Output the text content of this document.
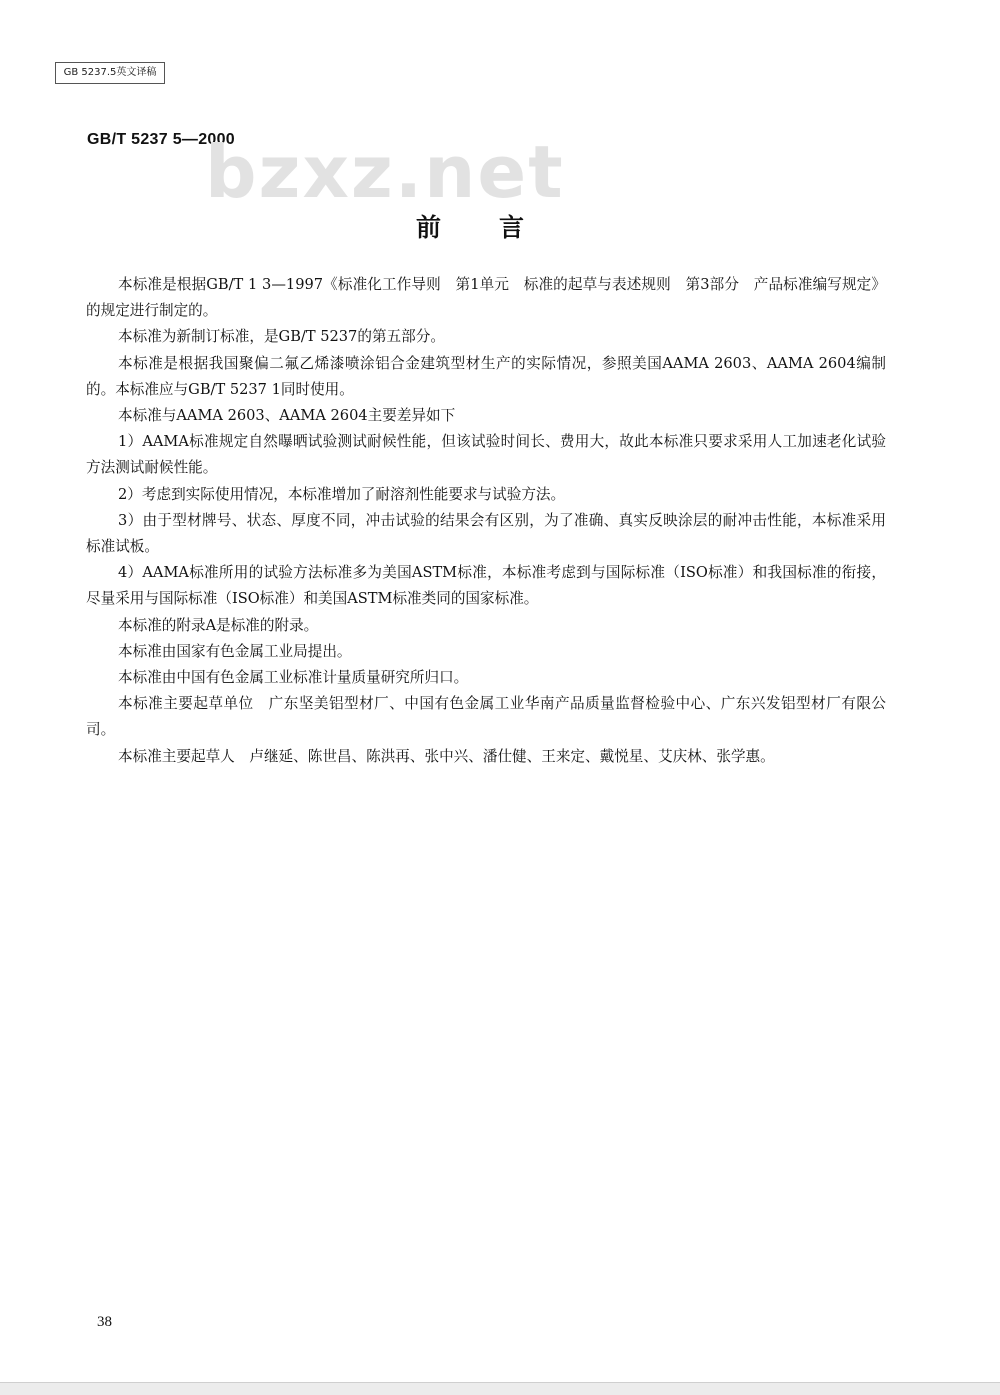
GB 5237.5英文译稿
GB/T 5237 5—2000
bzxz.net
前言

本标准是根据GB/T 1 3—1997《标准化工作导则　第1单元　标准的起草与表述规则　第3部分　产品标准编写规定》的规定进行制定的。

本标准为新制订标准，是GB/T 5237的第五部分。

本标准是根据我国聚偏二氟乙烯漆喷涂铝合金建筑型材生产的实际情况，参照美国AAMA 2603、AAMA 2604编制的。本标准应与GB/T 5237 1同时使用。

本标准与AAMA 2603、AAMA 2604主要差异如下

1）AAMA标准规定自然曝晒试验测试耐候性能，但该试验时间长、费用大，故此本标准只要求采用人工加速老化试验方法测试耐候性能。

2）考虑到实际使用情况，本标准增加了耐溶剂性能要求与试验方法。

3）由于型材牌号、状态、厚度不同，冲击试验的结果会有区别，为了准确、真实反映涂层的耐冲击性能，本标准采用标准试板。

4）AAMA标准所用的试验方法标准多为美国ASTM标准，本标准考虑到与国际标准（ISO标准）和我国标准的衔接，尽量采用与国际标准（ISO标准）和美国ASTM标准类同的国家标准。

本标准的附录A是标准的附录。

本标准由国家有色金属工业局提出。

本标准由中国有色金属工业标准计量质量研究所归口。

本标准主要起草单位　广东坚美铝型材厂、中国有色金属工业华南产品质量监督检验中心、广东兴发铝型材厂有限公司。

本标准主要起草人　卢继延、陈世昌、陈洪再、张中兴、潘仕健、王来定、戴悦星、艾庆林、张学惠。

38
